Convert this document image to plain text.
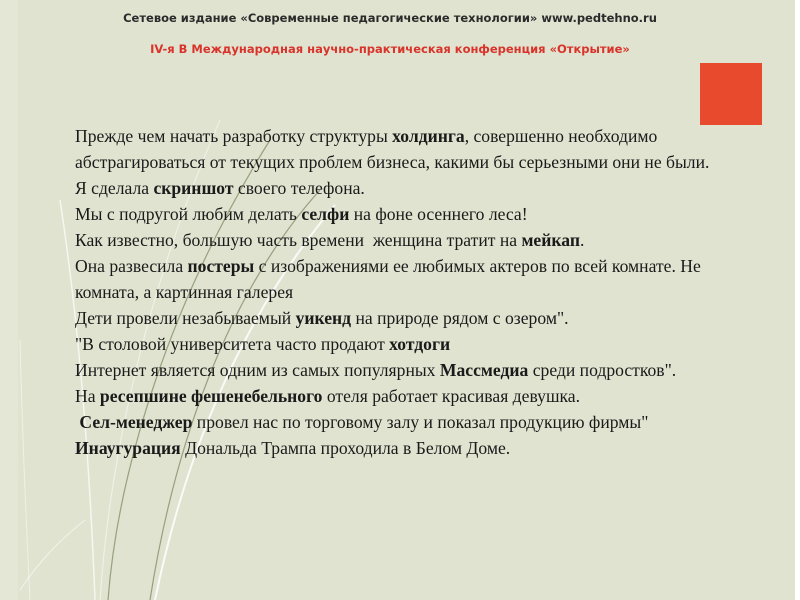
Сетевое издание «Современные педагогические технологии» www.pedtehno.ru

IV-я В Международная научно-практическая конференция «Открытие»

Прежде чем начать разработку структуры холдинга, совершенно необходимо абстрагироваться от текущих проблем бизнеса, какими бы серьезными они не были.

Я сделала скриншот своего телефона.

Мы с подругой любим делать селфи на фоне осеннего леса!

Как известно, большую часть времени  женщина тратит на мейкап.

Она развесила постеры с изображениями ее любимых актеров по всей комнате. Не комната, а картинная галерея

Дети провели незабываемый уикенд на природе рядом с озером".

"В столовой университета часто продают хотдоги

Интернет является одним из самых популярных Массмедиа среди подростков".

На ресепшине фешенебельного отеля работает красивая девушка.

Сел-менеджер провел нас по торговому залу и показал продукцию фирмы"

Инаугурация Дональда Трампа проходила в Белом Доме.
